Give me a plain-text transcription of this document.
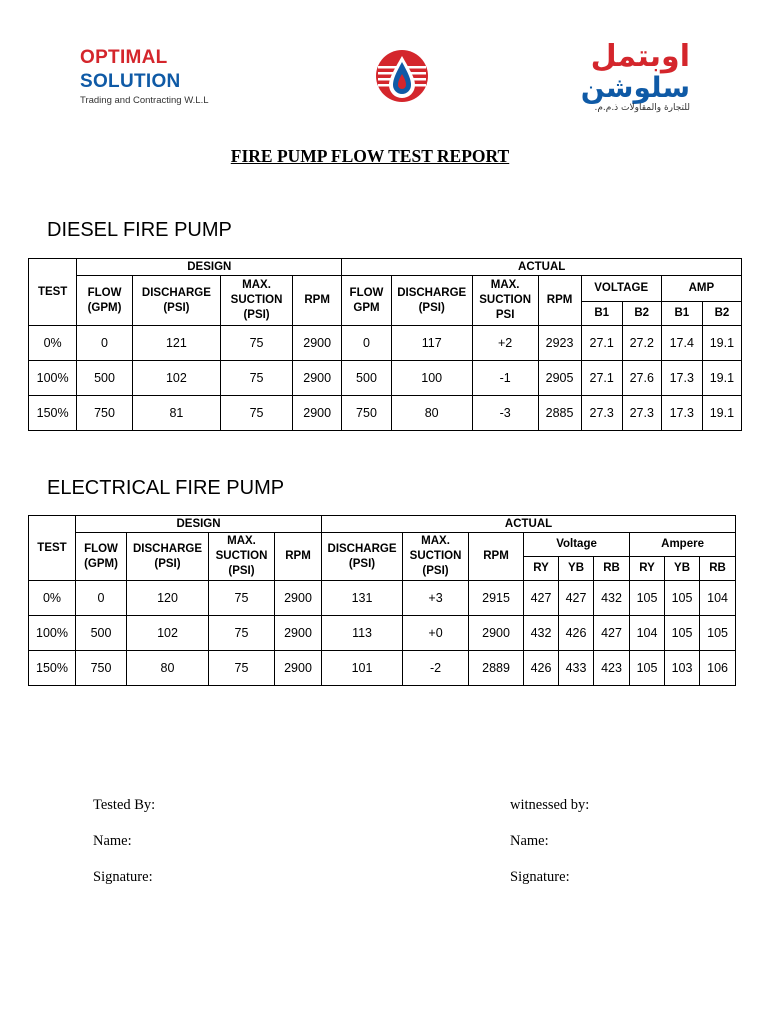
OPTIMAL
SOLUTION
Trading and Contracting W.L.L
اوبتمل
سلوشن
للتجارة والمقاولات ذ.م.م.
FIRE PUMP FLOW TEST REPORT
DIESEL FIRE PUMP
TEST	DESIGN				ACTUAL							
	FLOW (GPM)	DISCHARGE (PSI)	MAX. SUCTION (PSI)	RPM	FLOW GPM	DISCHARGE (PSI)	MAX. SUCTION PSI	RPM	VOLTAGE		AMP	
									B1	B2	B1	B2
0%	0	121	75	2900	0	117	+2	2923	27.1	27.2	17.4	19.1
100%	500	102	75	2900	500	100	-1	2905	27.1	27.6	17.3	19.1
150%	750	81	75	2900	750	80	-3	2885	27.3	27.3	17.3	19.1
ELECTRICAL FIRE PUMP
TEST	DESIGN				ACTUAL								
	FLOW (GPM)	DISCHARGE (PSI)	MAX. SUCTION (PSI)	RPM	DISCHARGE (PSI)	MAX. SUCTION (PSI)	RPM	Voltage			Ampere		
								RY	YB	RB	RY	YB	RB
0%	0	120	75	2900	131	+3	2915	427	427	432	105	105	104
100%	500	102	75	2900	113	+0	2900	432	426	427	104	105	105
150%	750	80	75	2900	101	-2	2889	426	433	423	105	103	106
Tested By:	witnessed by:
Name:	Name:
Signature:	Signature:
